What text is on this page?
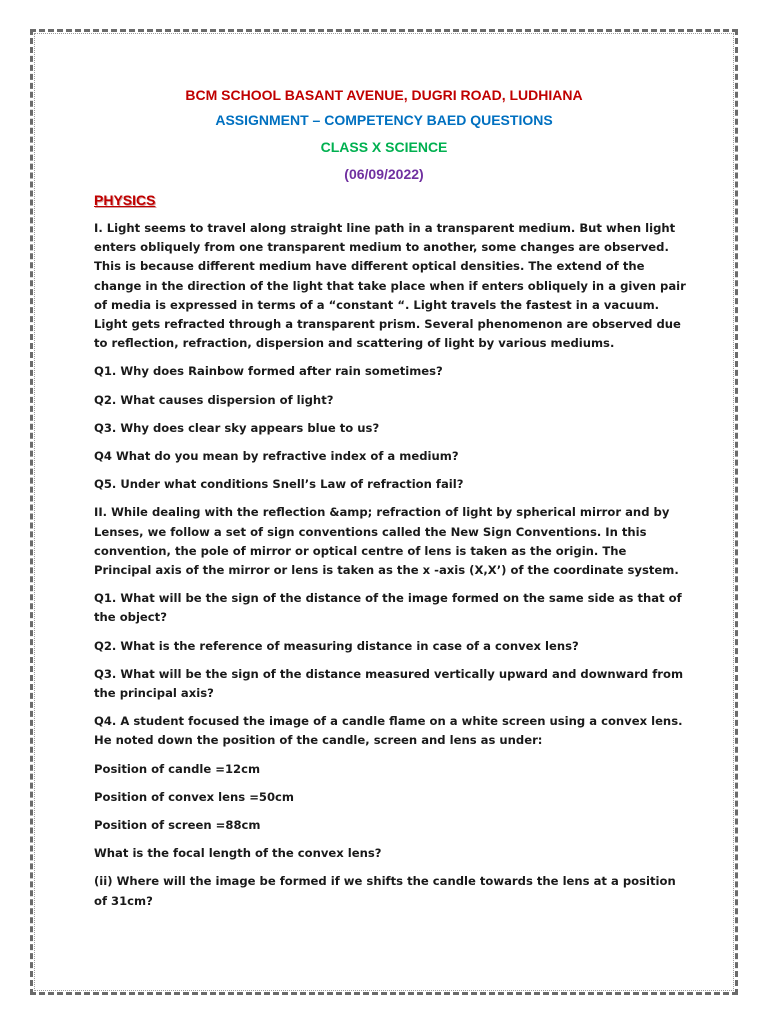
BCM SCHOOL BASANT AVENUE, DUGRI ROAD, LUDHIANA
ASSIGNMENT – COMPETENCY BAED QUESTIONS
CLASS X SCIENCE
(06/09/2022)
PHYSICS

I. Light seems to travel along straight line path in a transparent medium. But when light enters obliquely from one transparent medium to another, some changes are observed. This is because different medium have different optical densities. The extend of the change in the direction of the light that take place when if enters obliquely in a given pair of media is expressed in terms of a “constant “. Light travels the fastest in a vacuum. Light gets refracted through a transparent prism. Several phenomenon are observed due to reflection, refraction, dispersion and scattering of light by various mediums.

Q1. Why does Rainbow formed after rain sometimes?

Q2. What causes dispersion of light?

Q3. Why does clear sky appears blue to us?

Q4 What do you mean by refractive index of a medium?

Q5. Under what conditions Snell’s Law of refraction fail?

II. While dealing with the reflection &amp; refraction of light by spherical mirror and by Lenses, we follow a set of sign conventions called the New Sign Conventions. In this convention, the pole of mirror or optical centre of lens is taken as the origin. The Principal axis of the mirror or lens is taken as the x -axis (X,X’) of the coordinate system.

Q1. What will be the sign of the distance of the image formed on the same side as that of the object?

Q2. What is the reference of measuring distance in case of a convex lens?

Q3. What will be the sign of the distance measured vertically upward and downward from the principal axis?

Q4. A student focused the image of a candle flame on a white screen using a convex lens. He noted down the position of the candle, screen and lens as under:

Position of candle =12cm

Position of convex lens =50cm

Position of screen =88cm

What is the focal length of the convex lens?

(ii) Where will the image be formed if we shifts the candle towards the lens at a position of 31cm?
